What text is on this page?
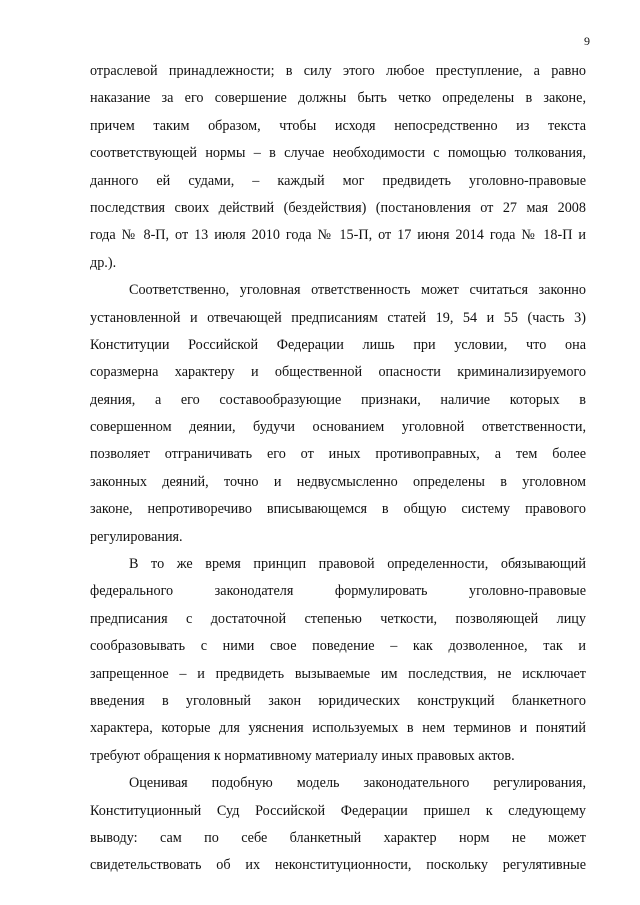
9
отраслевой принадлежности; в силу этого любое преступление, а равно
наказание за его совершение должны быть четко определены в законе,
причем таким образом, чтобы исходя непосредственно из текста
соответствующей нормы – в случае необходимости с помощью толкования,
данного ей судами, – каждый мог предвидеть уголовно-правовые
последствия своих действий (бездействия) (постановления от 27 мая 2008
года № 8-П, от 13 июля 2010 года № 15-П, от 17 июня 2014 года № 18-П и
др.).
Соответственно, уголовная ответственность может считаться законно
установленной и отвечающей предписаниям статей 19, 54 и 55 (часть 3)
Конституции Российской Федерации лишь при условии, что она
соразмерна характеру и общественной опасности криминализируемого
деяния, а его составообразующие признаки, наличие которых в
совершенном деянии, будучи основанием уголовной ответственности,
позволяет отграничивать его от иных противоправных, а тем более
законных деяний, точно и недвусмысленно определены в уголовном
законе, непротиворечиво вписывающемся в общую систему правового
регулирования.
В то же время принцип правовой определенности, обязывающий
федерального законодателя формулировать уголовно-правовые
предписания с достаточной степенью четкости, позволяющей лицу
сообразовывать с ними свое поведение – как дозволенное, так и
запрещенное – и предвидеть вызываемые им последствия, не исключает
введения в уголовный закон юридических конструкций бланкетного
характера, которые для уяснения используемых в нем терминов и понятий
требуют обращения к нормативному материалу иных правовых актов.
Оценивая подобную модель законодательного регулирования,
Конституционный Суд Российской Федерации пришел к следующему
выводу: сам по себе бланкетный характер норм не может
свидетельствовать об их неконституционности, поскольку регулятивные
